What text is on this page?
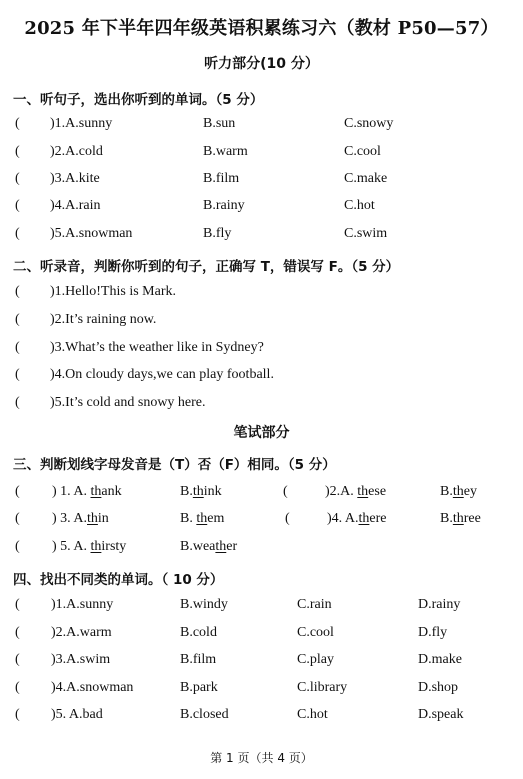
2025 年下半年四年级英语积累练习六（教材 P50—57）
听力部分(10 分）
一、听句子，选出你听到的单词。（5 分）
( )1.A.sunny	B.sun	C.snowy
( )2.A.cold	B.warm	C.cool
( )3.A.kite	B.film	C.make
( )4.A.rain	B.rainy	C.hot
( )5.A.snowman	B.fly	C.swim
二、听录音，判断你听到的句子，正确写 T，错误写 F。（5 分）
( )1.Hello!This is Mark.
( )2.It’s raining now.
( )3.What’s the weather like in Sydney?
( )4.On cloudy days,we can play football.
( )5.It’s cold and snowy here.
笔试部分
三、判断划线字母发音是（T）否（F）相同。（5 分）
( ) 1. A. thank	B.think	(	)2.A. these	B.they
( ) 3. A.thin	B. them	(	)4. A.there	B.three
( ) 5. A. thirsty	B.weather
四、找出不同类的单词。（ 10 分）
( )1.A.sunny	B.windy	C.rain	D.rainy
( )2.A.warm	B.cold	C.cool	D.fly
( )3.A.swim	B.film	C.play	D.make
( )4.A.snowman	B.park	C.library	D.shop
( )5. A.bad	B.closed	C.hot	D.speak
第 1 页（共 4 页）
